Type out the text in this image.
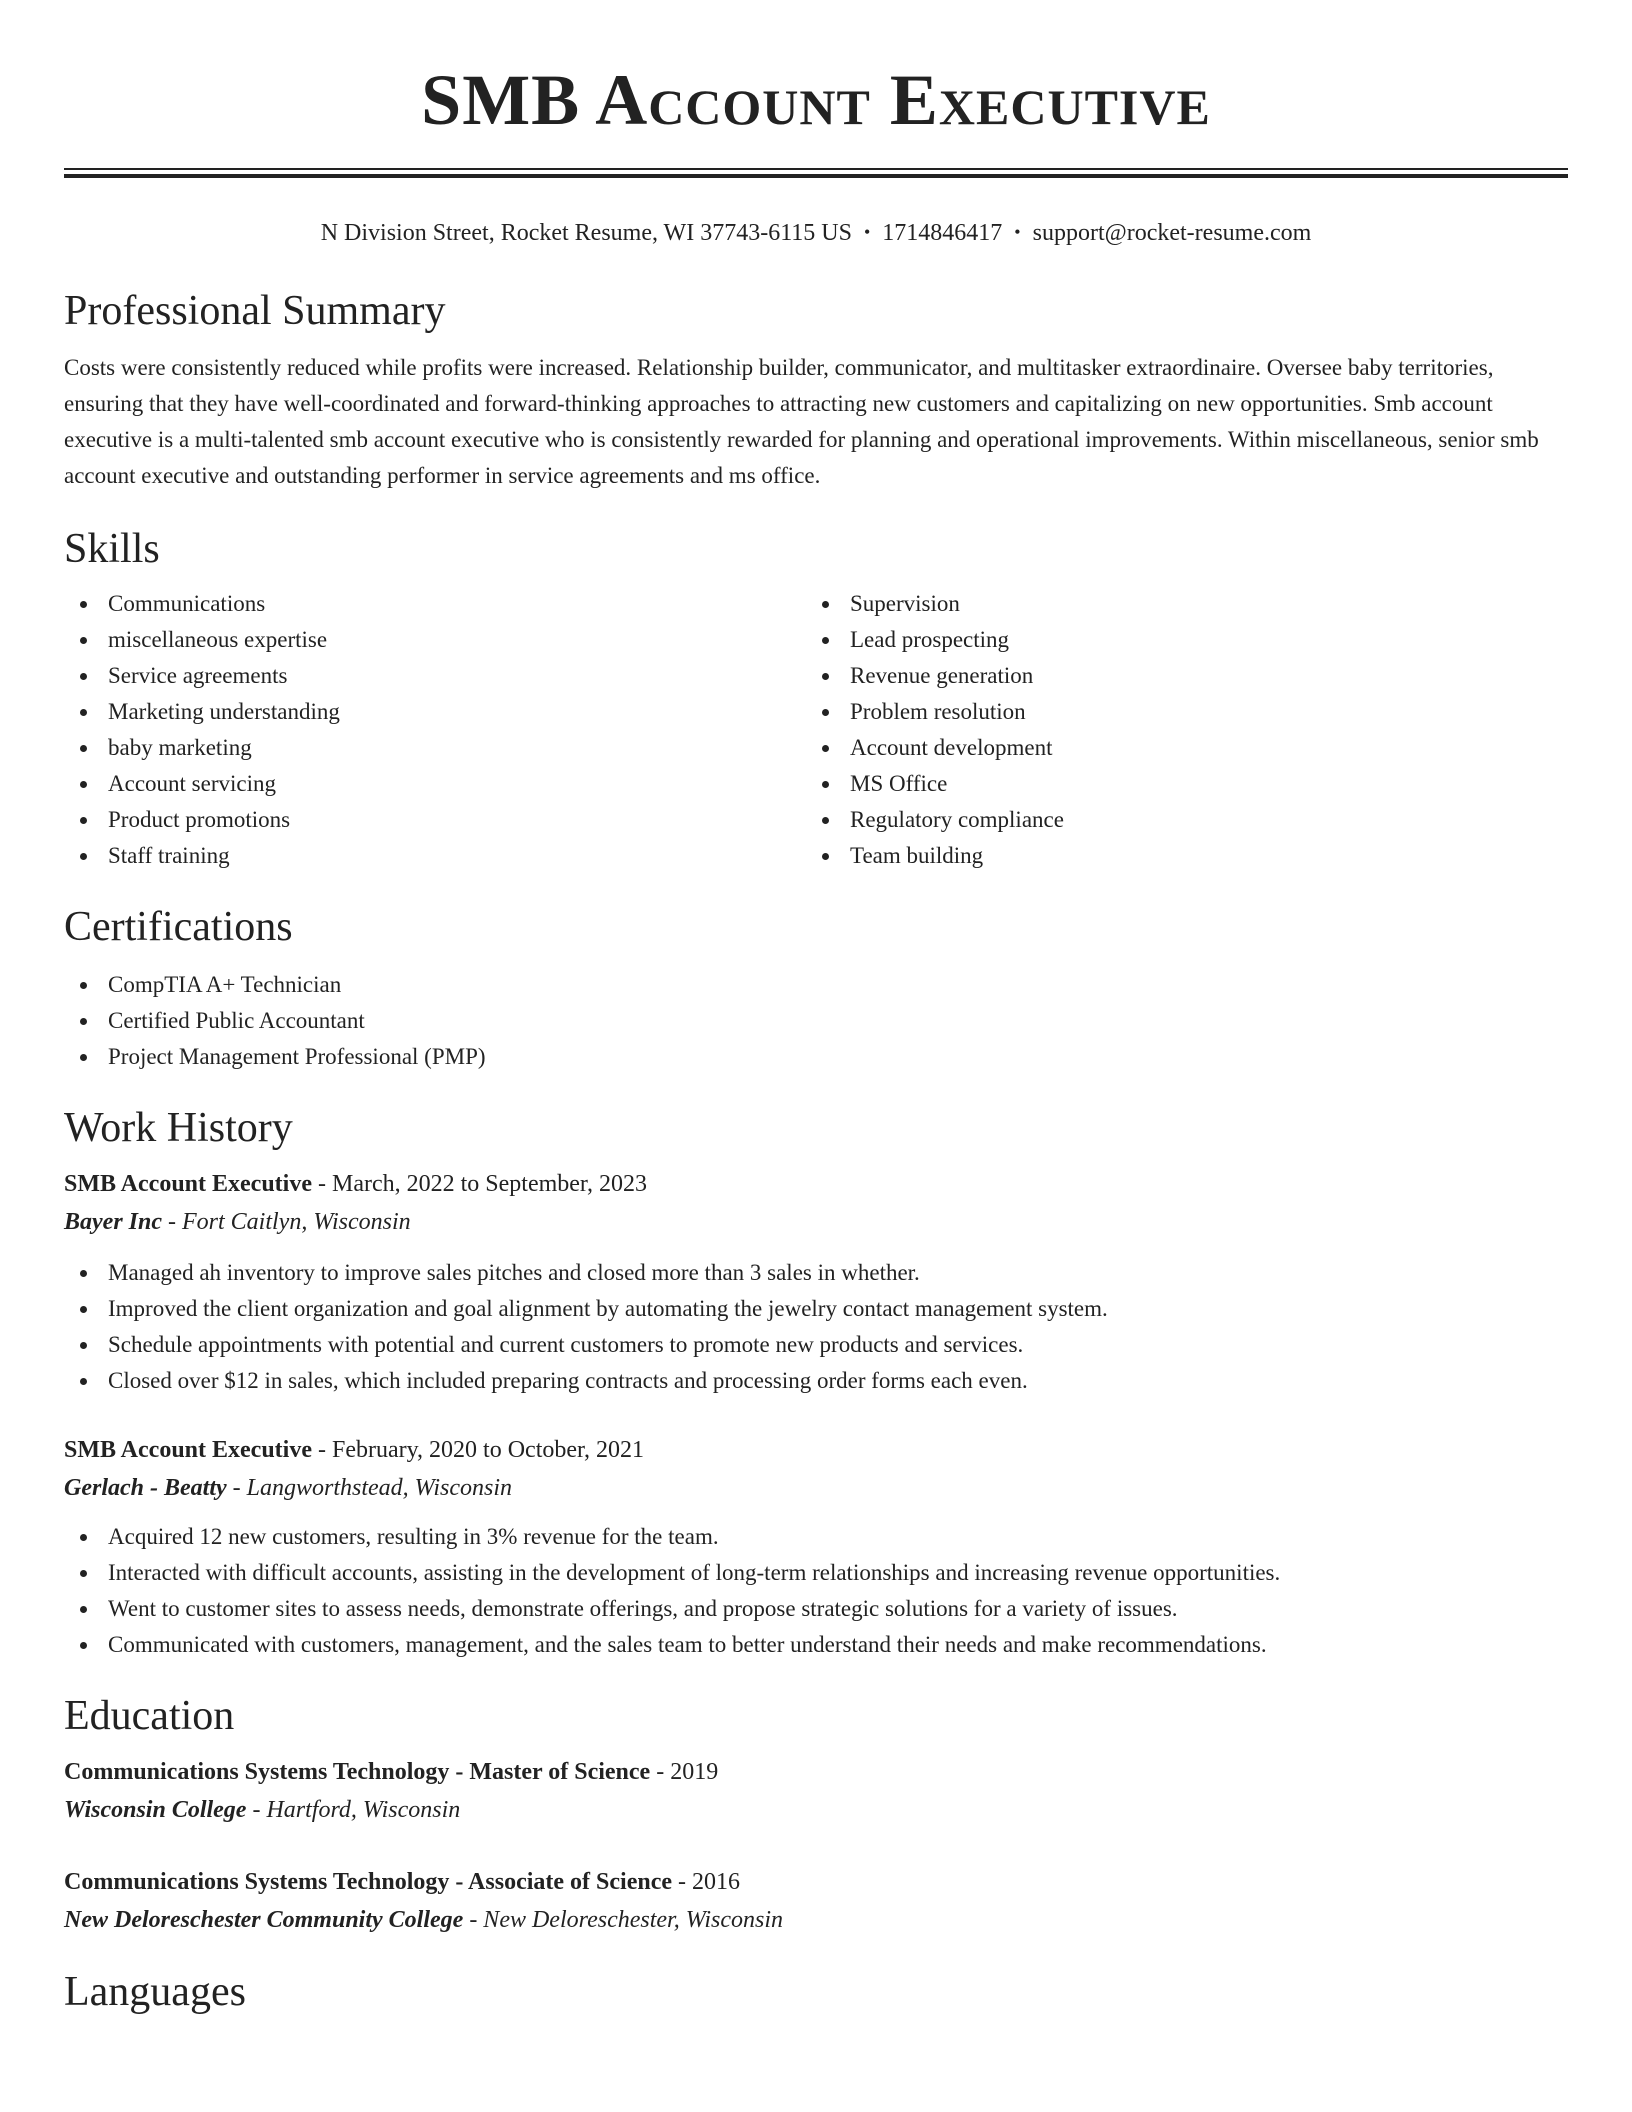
SMB Account Executive
N Division Street, Rocket Resume, WI 37743-6115 US • 1714846417 • support@rocket-resume.com
Professional Summary

Costs were consistently reduced while profits were increased. Relationship builder, communicator, and multitasker extraordinaire. Oversee baby territories, ensuring that they have well-coordinated and forward-thinking approaches to attracting new customers and capitalizing on new opportunities. Smb account executive is a multi-talented smb account executive who is consistently rewarded for planning and operational improvements. Within miscellaneous, senior smb account executive and outstanding performer in service agreements and ms office.

Skills
Communications
miscellaneous expertise
Service agreements
Marketing understanding
baby marketing
Account servicing
Product promotions
Staff training
Supervision
Lead prospecting
Revenue generation
Problem resolution
Account development
MS Office
Regulatory compliance
Team building
Certifications
CompTIA A+ Technician
Certified Public Accountant
Project Management Professional (PMP)
Work History
SMB Account Executive - March, 2022 to September, 2023
Bayer Inc - Fort Caitlyn, Wisconsin
Managed ah inventory to improve sales pitches and closed more than 3 sales in whether.
Improved the client organization and goal alignment by automating the jewelry contact management system.
Schedule appointments with potential and current customers to promote new products and services.
Closed over $12 in sales, which included preparing contracts and processing order forms each even.
SMB Account Executive - February, 2020 to October, 2021
Gerlach - Beatty - Langworthstead, Wisconsin
Acquired 12 new customers, resulting in 3% revenue for the team.
Interacted with difficult accounts, assisting in the development of long-term relationships and increasing revenue opportunities.
Went to customer sites to assess needs, demonstrate offerings, and propose strategic solutions for a variety of issues.
Communicated with customers, management, and the sales team to better understand their needs and make recommendations.
Education
Communications Systems Technology - Master of Science - 2019
Wisconsin College - Hartford, Wisconsin
Communications Systems Technology - Associate of Science - 2016
New Deloreschester Community College - New Deloreschester, Wisconsin
Languages
